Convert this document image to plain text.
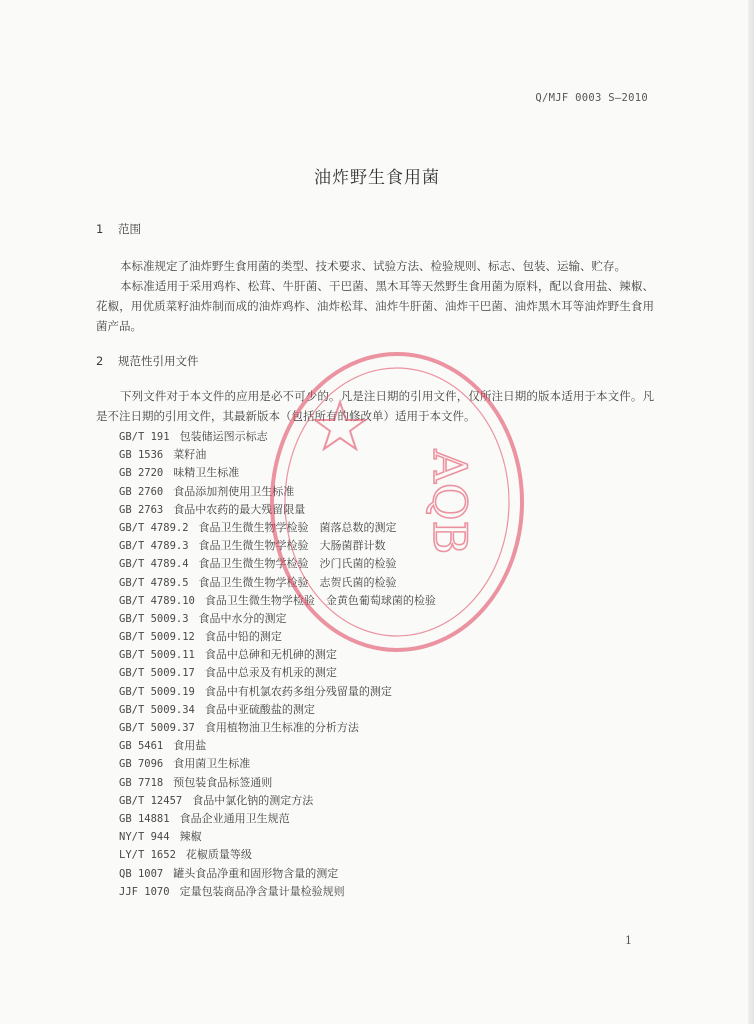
Q/MJF 0003 S—2010
油炸野生食用菌
1 范围

本标准规定了油炸野生食用菌的类型、技术要求、试验方法、检验规则、标志、包装、运输、贮存。

本标准适用于采用鸡柞、松茸、牛肝菌、干巴菌、黑木耳等天然野生食用菌为原料，配以食用盐、辣椒、花椒，用优质菜籽油炸制而成的油炸鸡柞、油炸松茸、油炸牛肝菌、油炸干巴菌、油炸黑木耳等油炸野生食用菌产品。

2 规范性引用文件

下列文件对于本文件的应用是必不可少的。凡是注日期的引用文件，仅所注日期的版本适用于本文件。凡是不注日期的引用文件，其最新版本（包括所有的修改单）适用于本文件。

GB/T 191 包装储运图示标志
GB 1536 菜籽油
GB 2720 味精卫生标准
GB 2760 食品添加剂使用卫生标准
GB 2763 食品中农药的最大残留限量
GB/T 4789.2 食品卫生微生物学检验　菌落总数的测定
GB/T 4789.3 食品卫生微生物学检验　大肠菌群计数
GB/T 4789.4 食品卫生微生物学检验　沙门氏菌的检验
GB/T 4789.5 食品卫生微生物学检验　志贺氏菌的检验
GB/T 4789.10 食品卫生微生物学检验　金黄色葡萄球菌的检验
GB/T 5009.3 食品中水分的测定
GB/T 5009.12 食品中铅的测定
GB/T 5009.11 食品中总砷和无机砷的测定
GB/T 5009.17 食品中总汞及有机汞的测定
GB/T 5009.19 食品中有机氯农药多组分残留量的测定
GB/T 5009.34 食品中亚硫酸盐的测定
GB/T 5009.37 食用植物油卫生标准的分析方法
GB 5461 食用盐
GB 7096 食用菌卫生标准
GB 7718 预包装食品标签通则
GB/T 12457 食品中氯化钠的测定方法
GB 14881 食品企业通用卫生规范
NY/T 944 辣椒
LY/T 1652 花椒质量等级
QB 1007 罐头食品净重和固形物含量的测定
JJF 1070 定量包装商品净含量计量检验规则
AQB
1
